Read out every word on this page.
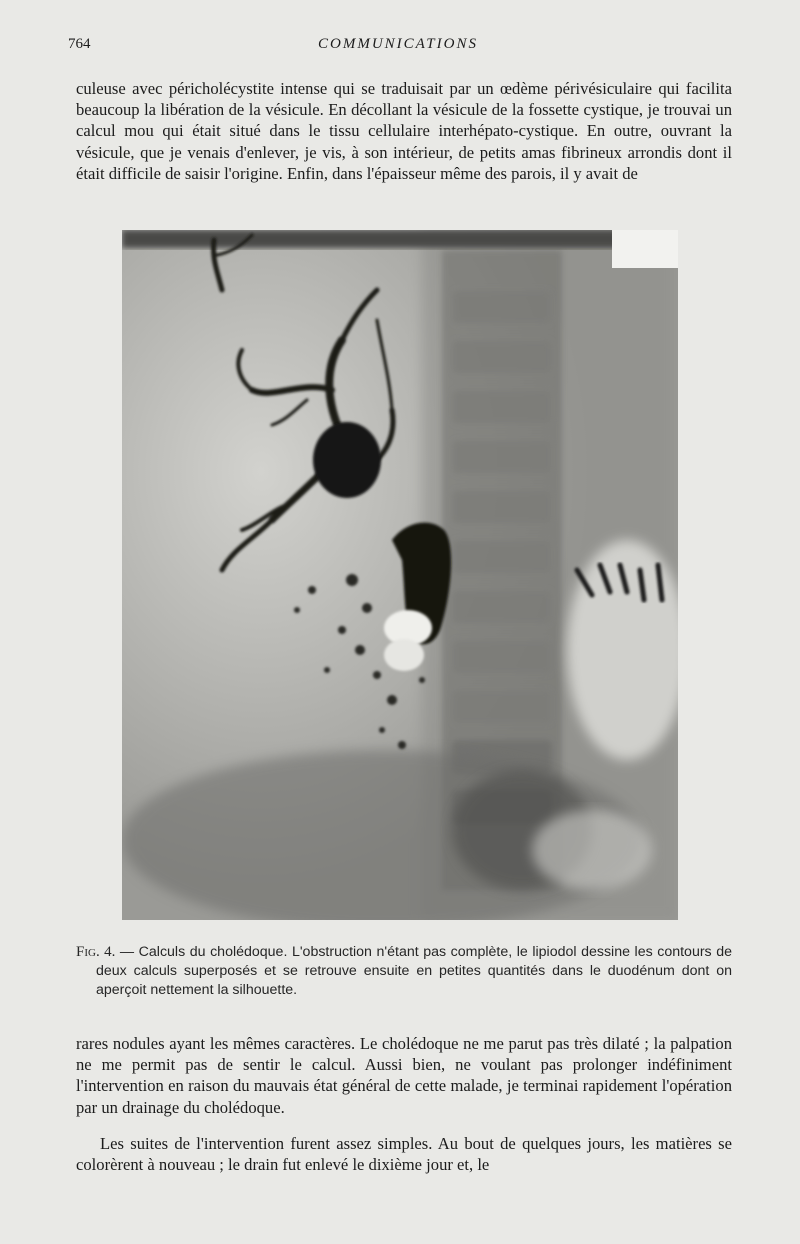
764	COMMUNICATIONS

culeuse avec péricholécystite intense qui se traduisait par un œdème périvésiculaire qui facilita beaucoup la libération de la vésicule. En décollant la vésicule de la fossette cystique, je trouvai un calcul mou qui était situé dans le tissu cellulaire interhépato-cystique. En outre, ouvrant la vésicule, que je venais d'enlever, je vis, à son intérieur, de petits amas fibrineux arrondis dont il était difficile de saisir l'origine. Enfin, dans l'épaisseur même des parois, il y avait de

Fig. 4. — Calculs du cholédoque. L'obstruction n'étant pas complète, le lipiodol dessine les contours de deux calculs superposés et se retrouve ensuite en petites quantités dans le duodénum dont on aperçoit nettement la silhouette.

rares nodules ayant les mêmes caractères. Le cholédoque ne me parut pas très dilaté ; la palpation ne me permit pas de sentir le calcul. Aussi bien, ne voulant pas prolonger indéfiniment l'intervention en raison du mauvais état général de cette malade, je terminai rapidement l'opération par un drainage du cholédoque.

Les suites de l'intervention furent assez simples. Au bout de quelques jours, les matières se colorèrent à nouveau ; le drain fut enlevé le dixième jour et, le
